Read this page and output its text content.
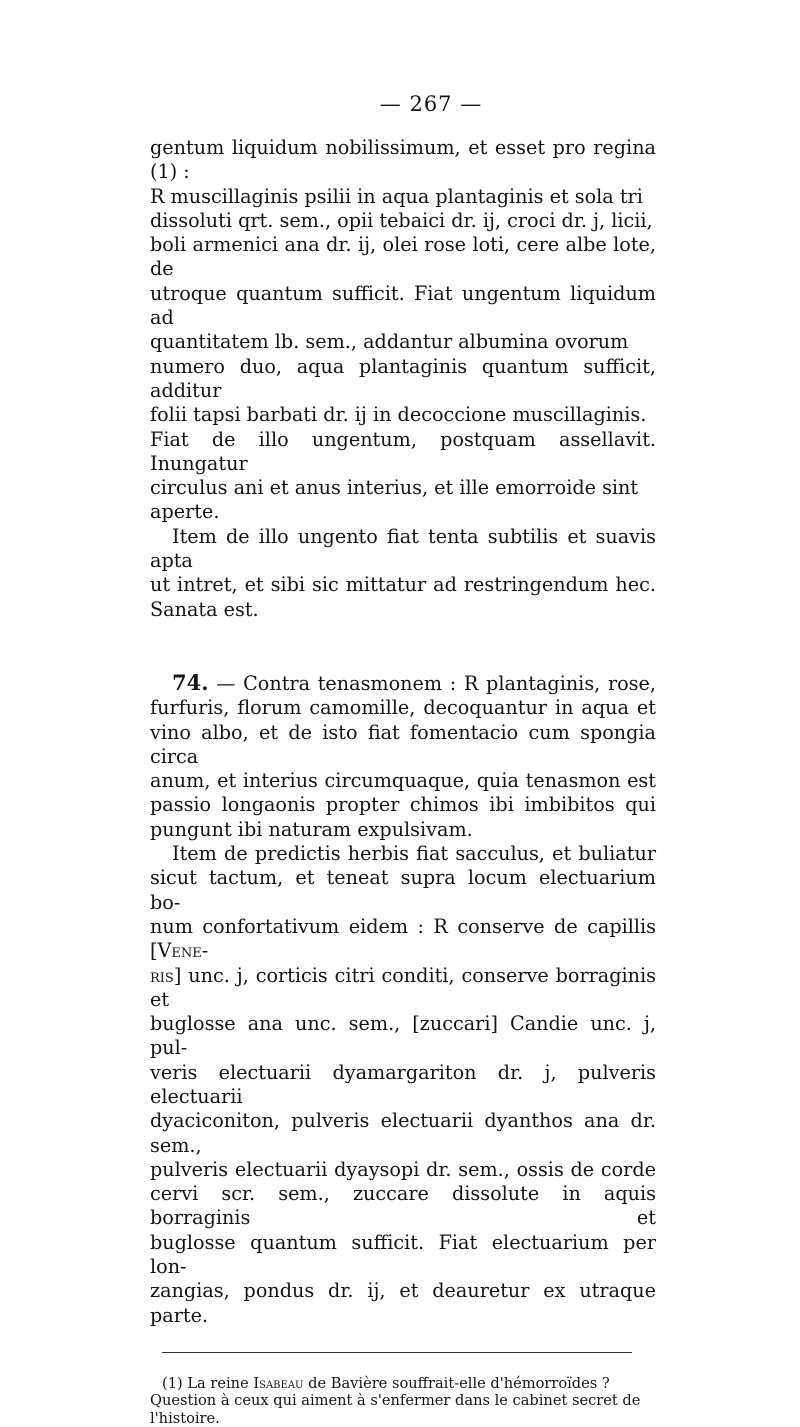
— 267 —

gentum liquidum nobilissimum, et esset pro regina (1) :
R muscillaginis psilii in aqua plantaginis et sola tri
dissoluti qrt. sem., opii tebaici dr. ij, croci dr. j, licii,
boli armenici ana dr. ij, olei rose loti, cere albe lote, de
utroque quantum sufficit. Fiat ungentum liquidum ad
quantitatem lb. sem., addantur albumina ovorum
numero duo, aqua plantaginis quantum sufficit, additur
folii tapsi barbati dr. ij in decoccione muscillaginis.
Fiat de illo ungentum, postquam assellavit. Inungatur
circulus ani et anus interius, et ille emorroide sint
aperte.

Item de illo ungento fiat tenta subtilis et suavis apta
ut intret, et sibi sic mittatur ad restringendum hec.
Sanata est.

74. — Contra tenasmonem : R plantaginis, rose,
furfuris, florum camomille, decoquantur in aqua et
vino albo, et de isto fiat fomentacio cum spongia circa
anum, et interius circumquaque, quia tenasmon est
passio longaonis propter chimos ibi imbibitos qui
pungunt ibi naturam expulsivam.

Item de predictis herbis fiat sacculus, et buliatur
sicut tactum, et teneat supra locum electuarium bo-
num confortativum eidem : R conserve de capillis [Vene-
ris] unc. j, corticis citri conditi, conserve borraginis et
buglosse ana unc. sem., [zuccari] Candie unc. j, pul-
veris electuarii dyamargariton dr. j, pulveris electuarii
dyaciconiton, pulveris electuarii dyanthos ana dr. sem.,
pulveris electuarii dyaysopi dr. sem., ossis de corde
cervi scr. sem., zuccare dissolute in aquis borraginis et
buglosse quantum sufficit. Fiat electuarium per lon-
zangias, pondus dr. ij, et deauretur ex utraque parte.

(1) La reine Isabeau de Bavière souffrait-elle d'hémorroïdes ?
Question à ceux qui aiment à s'enfermer dans le cabinet secret de
l'histoire.
